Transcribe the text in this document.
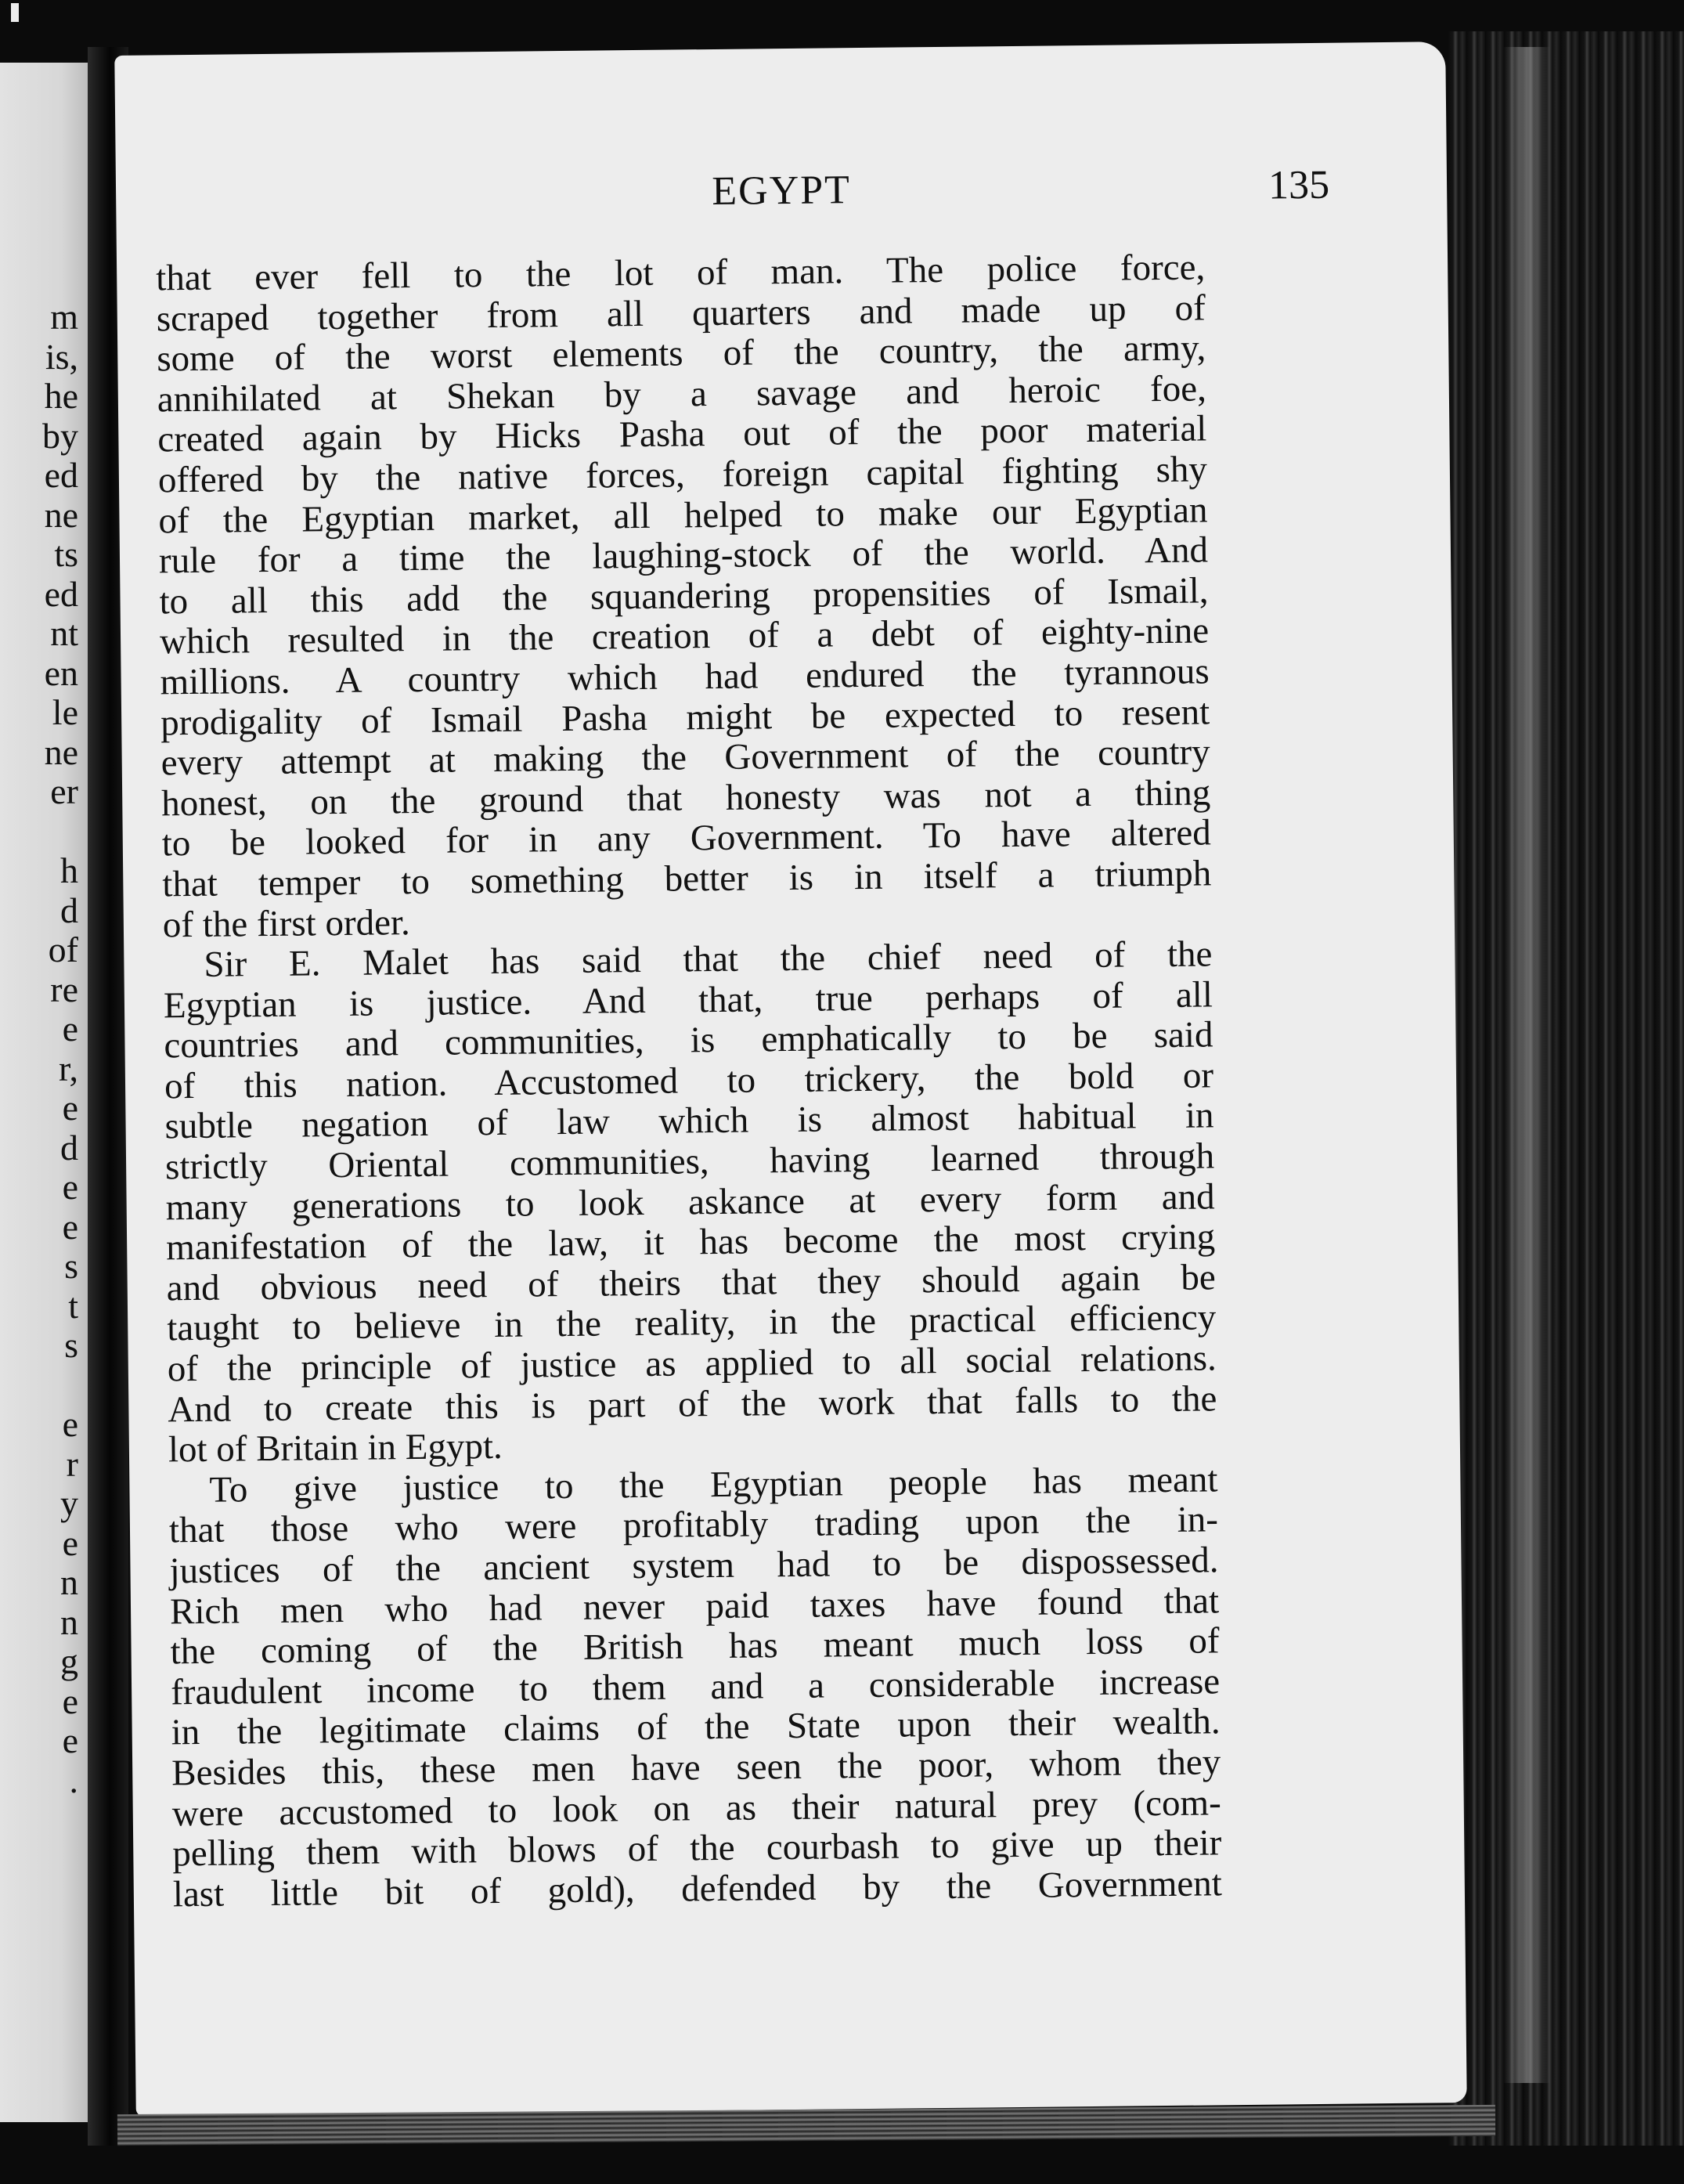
m
is,
he
by
ed
ne
ts
ed
nt
en
le
ne
er

h
d
of
re
e
r,
e
d
e
e
s
t
s

e
r
y
e
n
n
g
e
e
.
EGYPT	135
that ever fell to the lot of man. The police force,
scraped together from all quarters and made up of
some of the worst elements of the country, the army,
annihilated at Shekan by a savage and heroic foe,
created again by Hicks Pasha out of the poor material
offered by the native forces, foreign capital fighting shy
of the Egyptian market, all helped to make our Egyptian
rule for a time the laughing-stock of the world. And
to all this add the squandering propensities of Ismail,
which resulted in the creation of a debt of eighty-nine
millions. A country which had endured the tyrannous
prodigality of Ismail Pasha might be expected to resent
every attempt at making the Government of the country
honest, on the ground that honesty was not a thing
to be looked for in any Government. To have altered
that temper to something better is in itself a triumph
of the first order.
Sir E. Malet has said that the chief need of the
Egyptian is justice. And that, true perhaps of all
countries and communities, is emphatically to be said
of this nation. Accustomed to trickery, the bold or
subtle negation of law which is almost habitual in
strictly Oriental communities, having learned through
many generations to look askance at every form and
manifestation of the law, it has become the most crying
and obvious need of theirs that they should again be
taught to believe in the reality, in the practical efficiency
of the principle of justice as applied to all social relations.
And to create this is part of the work that falls to the
lot of Britain in Egypt.
To give justice to the Egyptian people has meant
that those who were profitably trading upon the in-
justices of the ancient system had to be dispossessed.
Rich men who had never paid taxes have found that
the coming of the British has meant much loss of
fraudulent income to them and a considerable increase
in the legitimate claims of the State upon their wealth.
Besides this, these men have seen the poor, whom they
were accustomed to look on as their natural prey (com-
pelling them with blows of the courbash to give up their
last little bit of gold), defended by the Government
